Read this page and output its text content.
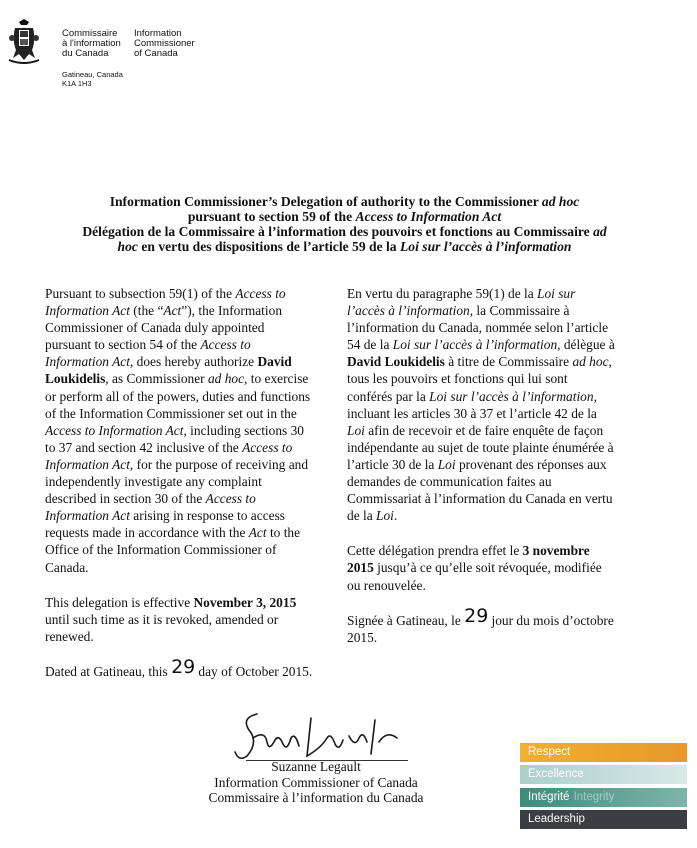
Commissaire
à l'information
du Canada
Information
Commissioner
of Canada
Gatineau, Canada
K1A 1H3
Information Commissioner’s Delegation of authority to the Commissioner ad hoc
pursuant to section 59 of the Access to Information Act
Délégation de la Commissaire à l’information des pouvoirs et fonctions au Commissaire ad
hoc en vertu des dispositions de l’article 59 de la Loi sur l’accès à l’information

Pursuant to subsection 59(1) of the Access to Information Act (the “Act”), the Information Commissioner of Canada duly appointed pursuant to section 54 of the Access to Information Act, does hereby authorize David Loukidelis, as Commissioner ad hoc, to exercise or perform all of the powers, duties and functions of the Information Commissioner set out in the Access to Information Act, including sections 30 to 37 and section 42 inclusive of the Access to Information Act, for the purpose of receiving and independently investigate any complaint described in section 30 of the Access to Information Act arising in response to access requests made in accordance with the Act to the Office of the Information Commissioner of Canada.

This delegation is effective November 3, 2015 until such time as it is revoked, amended or renewed.

Dated at Gatineau, this 29 day of October 2015.

En vertu du paragraphe 59(1) de la Loi sur l’accès à l’information, la Commissaire à l’information du Canada, nommée selon l’article 54 de la Loi sur l’accès à l’information, délègue à David Loukidelis à titre de Commissaire ad hoc, tous les pouvoirs et fonctions qui lui sont conférés par la Loi sur l’accès à l’information, incluant les articles 30 à 37 et l’article 42 de la Loi afin de recevoir et de faire enquête de façon indépendante au sujet de toute plainte énumérée à l’article 30 de la Loi provenant des réponses aux demandes de communication faites au Commissariat à l’information du Canada en vertu de la Loi.

Cette délégation prendra effet le 3 novembre 2015 jusqu’à ce qu’elle soit révoquée, modifiée ou renouvelée.

Signée à Gatineau, le 29 jour du mois d’octobre 2015.

Suzanne Legault
Information Commissioner of Canada
Commissaire à l’information du Canada
Respect
Excellence
Intégrité Integrity
Leadership
